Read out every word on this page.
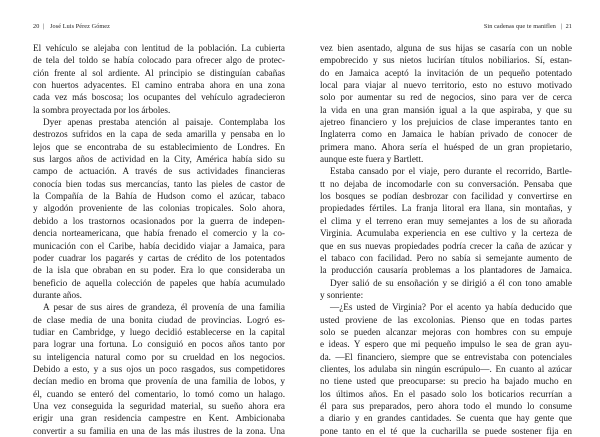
20 | José Luis Pérez Gómez
El vehículo se alejaba con lentitud de la población. La cubierta
de tela del toldo se había colocado para ofrecer algo de protec-
ción frente al sol ardiente. Al principio se distinguían cabañas
con huertos adyacentes. El camino entraba ahora en una zona
cada vez más boscosa; los ocupantes del vehículo agradecieron
la sombra proyectada por los árboles.
Dyer apenas prestaba atención al paisaje. Contemplaba los
destrozos sufridos en la capa de seda amarilla y pensaba en lo
lejos que se encontraba de su establecimiento de Londres. En
sus largos años de actividad en la City, América había sido su
campo de actuación. A través de sus actividades financieras
conocía bien todas sus mercancías, tanto las pieles de castor de
la Compañía de la Bahía de Hudson como el azúcar, tabaco
y algodón proveniente de las colonias tropicales. Solo ahora,
debido a los trastornos ocasionados por la guerra de indepen-
dencia norteamericana, que había frenado el comercio y la co-
municación con el Caribe, había decidido viajar a Jamaica, para
poder cuadrar los pagarés y cartas de crédito de los potentados
de la isla que obraban en su poder. Era lo que consideraba un
beneficio de aquella colección de papeles que había acumulado
durante años.
A pesar de sus aires de grandeza, él provenía de una familia
de clase media de una bonita ciudad de provincias. Logró es-
tudiar en Cambridge, y luego decidió establecerse en la capital
para lograr una fortuna. Lo consiguió en pocos años tanto por
su inteligencia natural como por su crueldad en los negocios.
Debido a esto, y a sus ojos un poco rasgados, sus competidores
decían medio en broma que provenía de una familia de lobos, y
él, cuando se enteró del comentario, lo tomó como un halago.
Una vez conseguida la seguridad material, su sueño ahora era
erigir una gran residencia campestre en Kent. Ambicionaba
convertir a su familia en una de las más ilustres de la zona. Una
Sin cadenas que te maniflen | 21
vez bien asentado, alguna de sus hijas se casaría con un noble
empobrecido y sus nietos lucirían títulos nobiliarios. Sí, estan-
do en Jamaica aceptó la invitación de un pequeño potentado
local para viajar al nuevo territorio, esto no estuvo motivado
solo por aumentar su red de negocios, sino para ver de cerca
la vida en una gran mansión igual a la que aspiraba, y que su
ajetreo financiero y los prejuicios de clase imperantes tanto en
Inglaterra como en Jamaica le habían privado de conocer de
primera mano. Ahora sería el huésped de un gran propietario,
aunque este fuera y Bartlett.
Estaba cansado por el viaje, pero durante el recorrido, Bartle-
tt no dejaba de incomodarle con su conversación. Pensaba que
los bosques se podían desbrozar con facilidad y convertirse en
propiedades fértiles. La franja litoral era llana, sin montañas, y
el clima y el terreno eran muy semejantes a los de su añorada
Virginia. Acumulaba experiencia en ese cultivo y la certeza de
que en sus nuevas propiedades podría crecer la caña de azúcar y
el tabaco con facilidad. Pero no sabía si semejante aumento de
la producción causaría problemas a los plantadores de Jamaica.
Dyer salió de su ensoñación y se dirigió a él con tono amable
y sonriente:
—¿Es usted de Virginia? Por el acento ya había deducido que
usted proviene de las excolonias. Pienso que en todas partes
solo se pueden alcanzar mejoras con hombres con su empuje
e ideas. Y espero que mi pequeño impulso le sea de gran ayu-
da. —El financiero, siempre que se entrevistaba con potenciales
clientes, los adulaba sin ningún escrúpulo—. En cuanto al azúcar
no tiene usted que preocuparse: su precio ha bajado mucho en
los últimos años. En el pasado solo los boticarios recurrían a
él para sus preparados, pero ahora todo el mundo lo consume
a diario y en grandes cantidades. Se cuenta que hay gente que
pone tanto en el té que la cucharilla se puede sostener fija en
